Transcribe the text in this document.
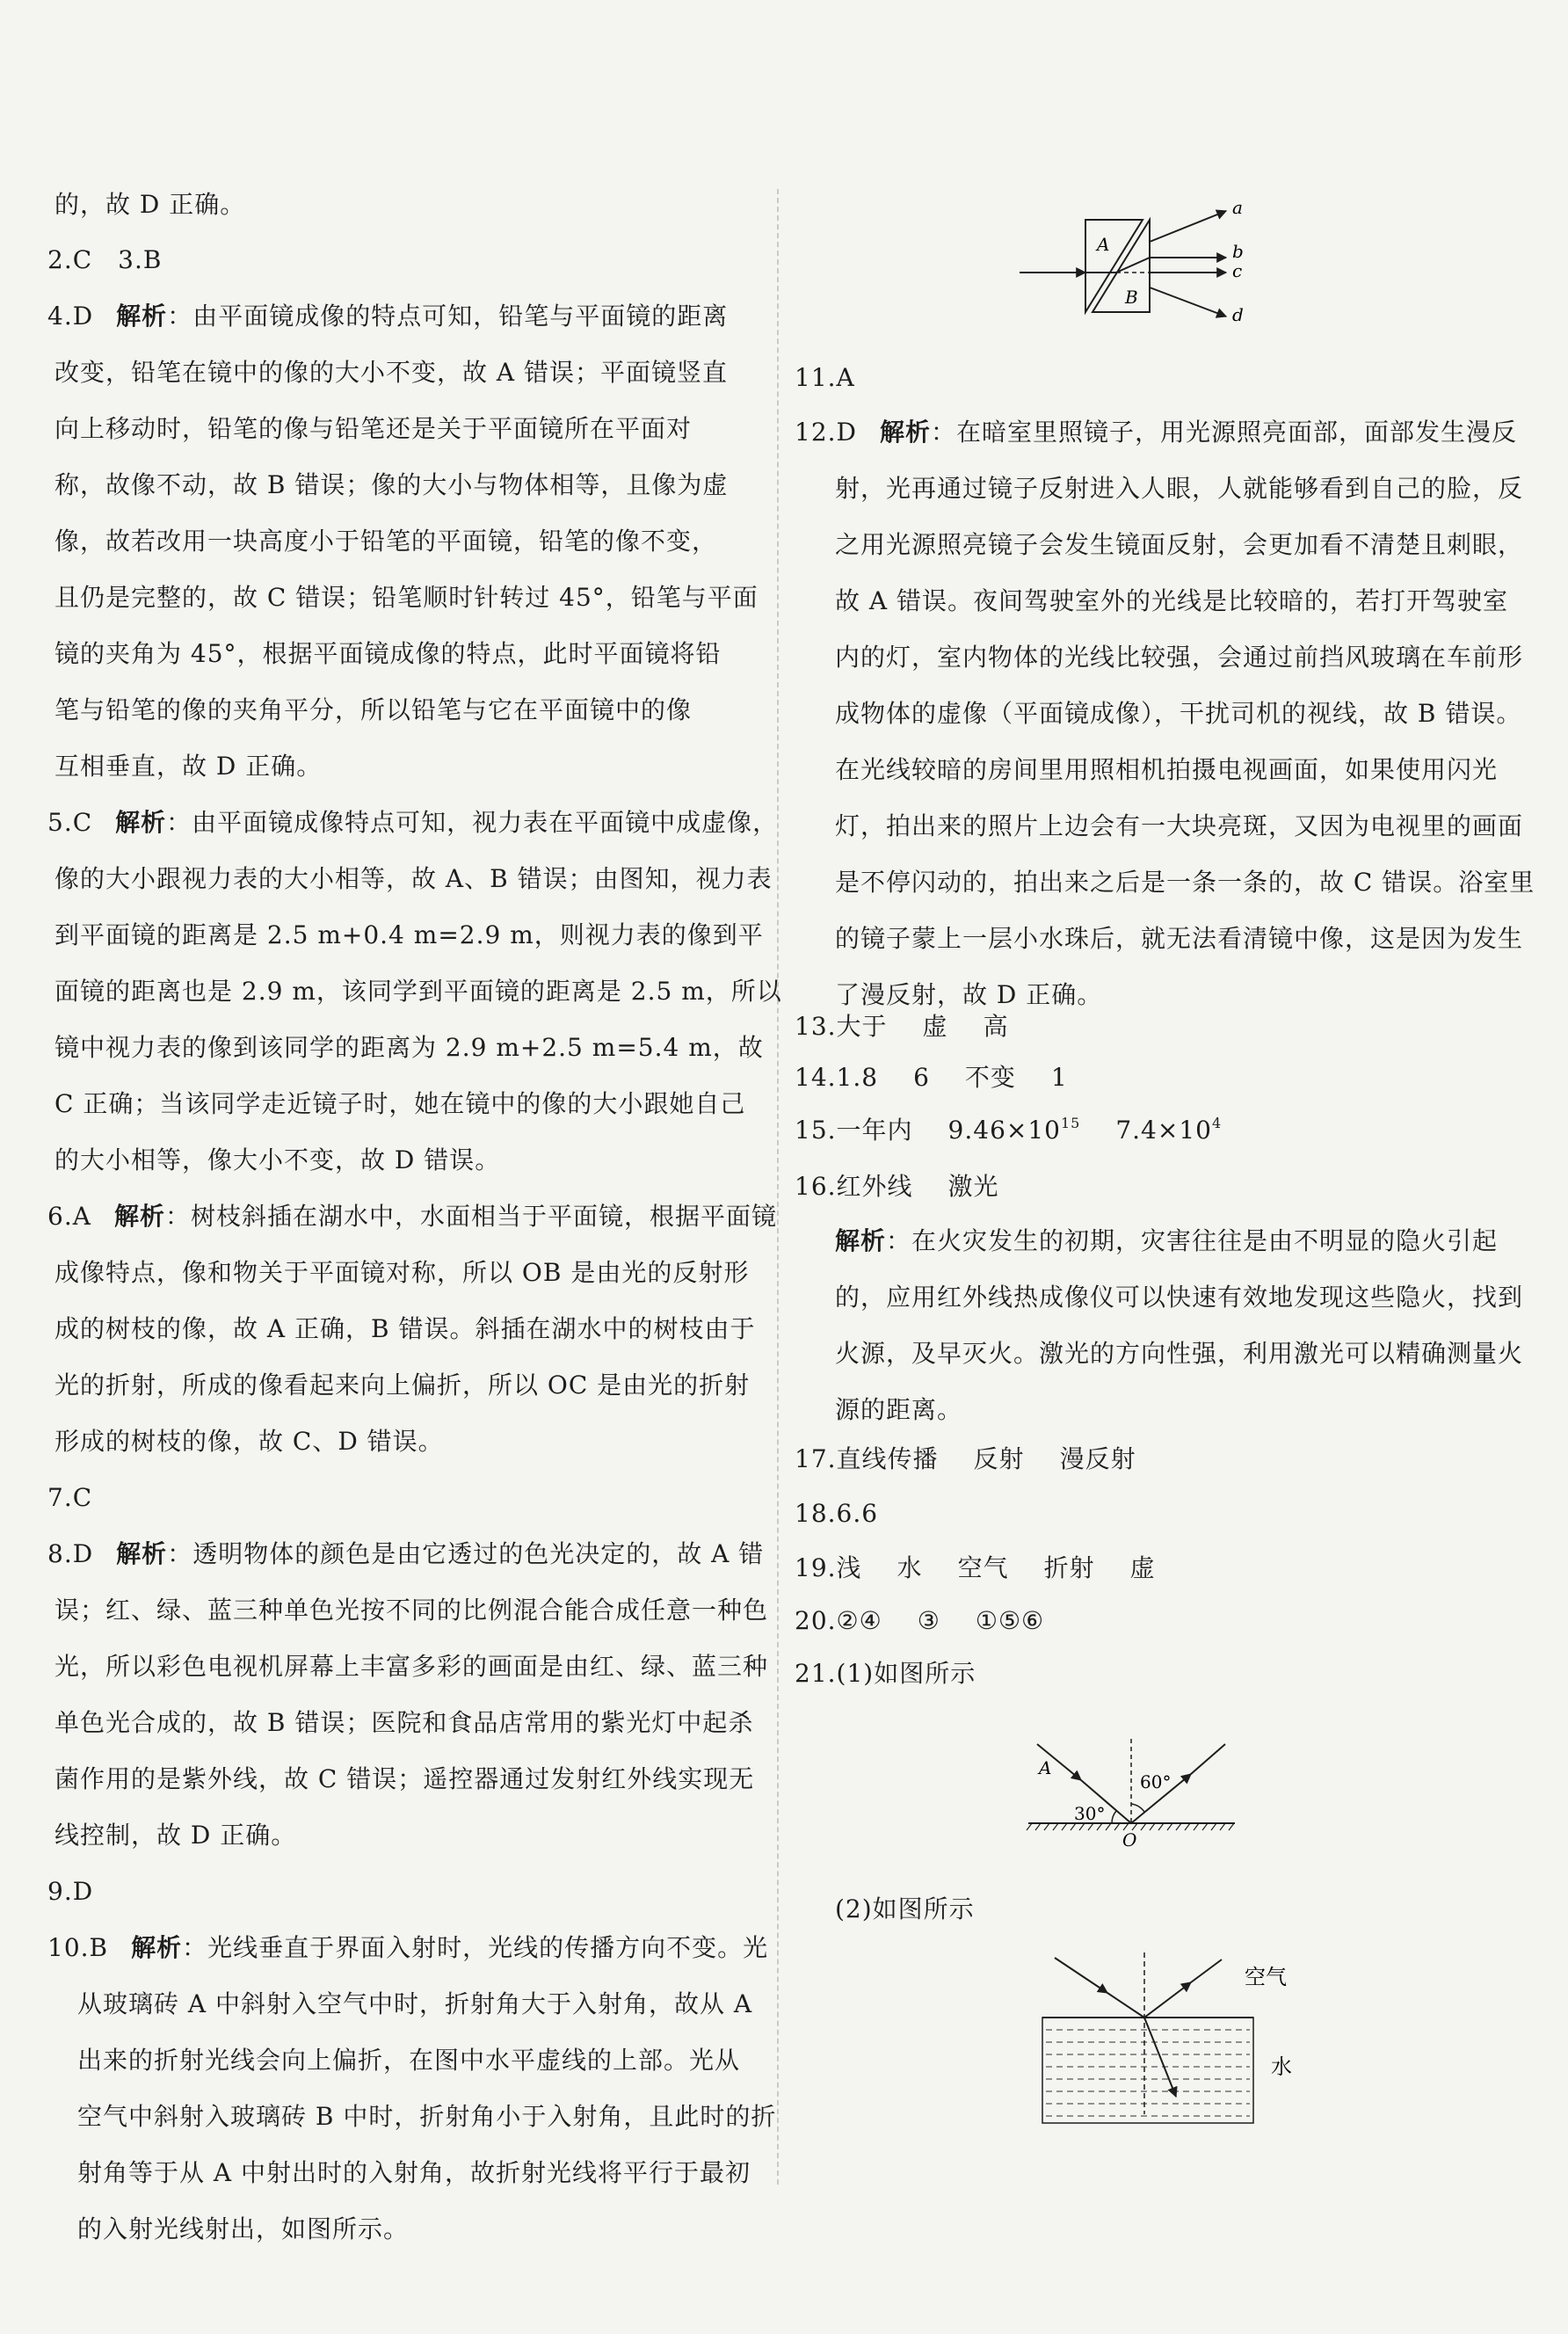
的，故 D 正确。
2.C　3.B
4.D 解析：由平面镜成像的特点可知，铅笔与平面镜的距离
改变，铅笔在镜中的像的大小不变，故 A 错误；平面镜竖直
向上移动时，铅笔的像与铅笔还是关于平面镜所在平面对
称，故像不动，故 B 错误；像的大小与物体相等，且像为虚
像，故若改用一块高度小于铅笔的平面镜，铅笔的像不变，
且仍是完整的，故 C 错误；铅笔顺时针转过 45°，铅笔与平面
镜的夹角为 45°，根据平面镜成像的特点，此时平面镜将铅
笔与铅笔的像的夹角平分，所以铅笔与它在平面镜中的像
互相垂直，故 D 正确。
5.C 解析：由平面镜成像特点可知，视力表在平面镜中成虚像，
像的大小跟视力表的大小相等，故 A、B 错误；由图知，视力表
到平面镜的距离是 2.5 m+0.4 m=2.9 m，则视力表的像到平
面镜的距离也是 2.9 m，该同学到平面镜的距离是 2.5 m，所以
镜中视力表的像到该同学的距离为 2.9 m+2.5 m=5.4 m，故
C 正确；当该同学走近镜子时，她在镜中的像的大小跟她自己
的大小相等，像大小不变，故 D 错误。
6.A 解析：树枝斜插在湖水中，水面相当于平面镜，根据平面镜
成像特点，像和物关于平面镜对称，所以 OB 是由光的反射形
成的树枝的像，故 A 正确，B 错误。斜插在湖水中的树枝由于
光的折射，所成的像看起来向上偏折，所以 OC 是由光的折射
形成的树枝的像，故 C、D 错误。
7.C
8.D 解析：透明物体的颜色是由它透过的色光决定的，故 A 错
误；红、绿、蓝三种单色光按不同的比例混合能合成任意一种色
光，所以彩色电视机屏幕上丰富多彩的画面是由红、绿、蓝三种
单色光合成的，故 B 错误；医院和食品店常用的紫光灯中起杀
菌作用的是紫外线，故 C 错误；遥控器通过发射红外线实现无
线控制，故 D 正确。
9.D
10.B 解析：光线垂直于界面入射时，光线的传播方向不变。光
从玻璃砖 A 中斜射入空气中时，折射角大于入射角，故从 A
出来的折射光线会向上偏折，在图中水平虚线的上部。光从
空气中斜射入玻璃砖 B 中时，折射角小于入射角，且此时的折
射角等于从 A 中射出时的入射角，故折射光线将平行于最初
的入射光线射出，如图所示。
a
b
c
d
A
B
11.A
12.D 解析：在暗室里照镜子，用光源照亮面部，面部发生漫反
射，光再通过镜子反射进入人眼，人就能够看到自己的脸，反
之用光源照亮镜子会发生镜面反射，会更加看不清楚且刺眼，
故 A 错误。夜间驾驶室外的光线是比较暗的，若打开驾驶室
内的灯，室内物体的光线比较强，会通过前挡风玻璃在车前形
成物体的虚像（平面镜成像），干扰司机的视线，故 B 错误。
在光线较暗的房间里用照相机拍摄电视画面，如果使用闪光
灯，拍出来的照片上边会有一大块亮斑，又因为电视里的画面
是不停闪动的，拍出来之后是一条一条的，故 C 错误。浴室里
的镜子蒙上一层小水珠后，就无法看清镜中像，这是因为发生
了漫反射，故 D 正确。
13.大于 虚 高
14.1.8 6 不变 1
15.一年内 $9.46\times 10^{15}$ $7.4\times 10^4$
16.红外线 激光
解析：在火灾发生的初期，灾害往往是由不明显的隐火引起
的，应用红外线热成像仪可以快速有效地发现这些隐火，找到
火源，及早灭火。激光的方向性强，利用激光可以精确测量火
源的距离。
17.直线传播 反射 漫反射
18.6.6
19.浅 水 空气 折射 虚
20.②④ ③ ①⑤⑥
21.(1)如图所示
A
30°
60°
O
(2)如图所示
空气
水
